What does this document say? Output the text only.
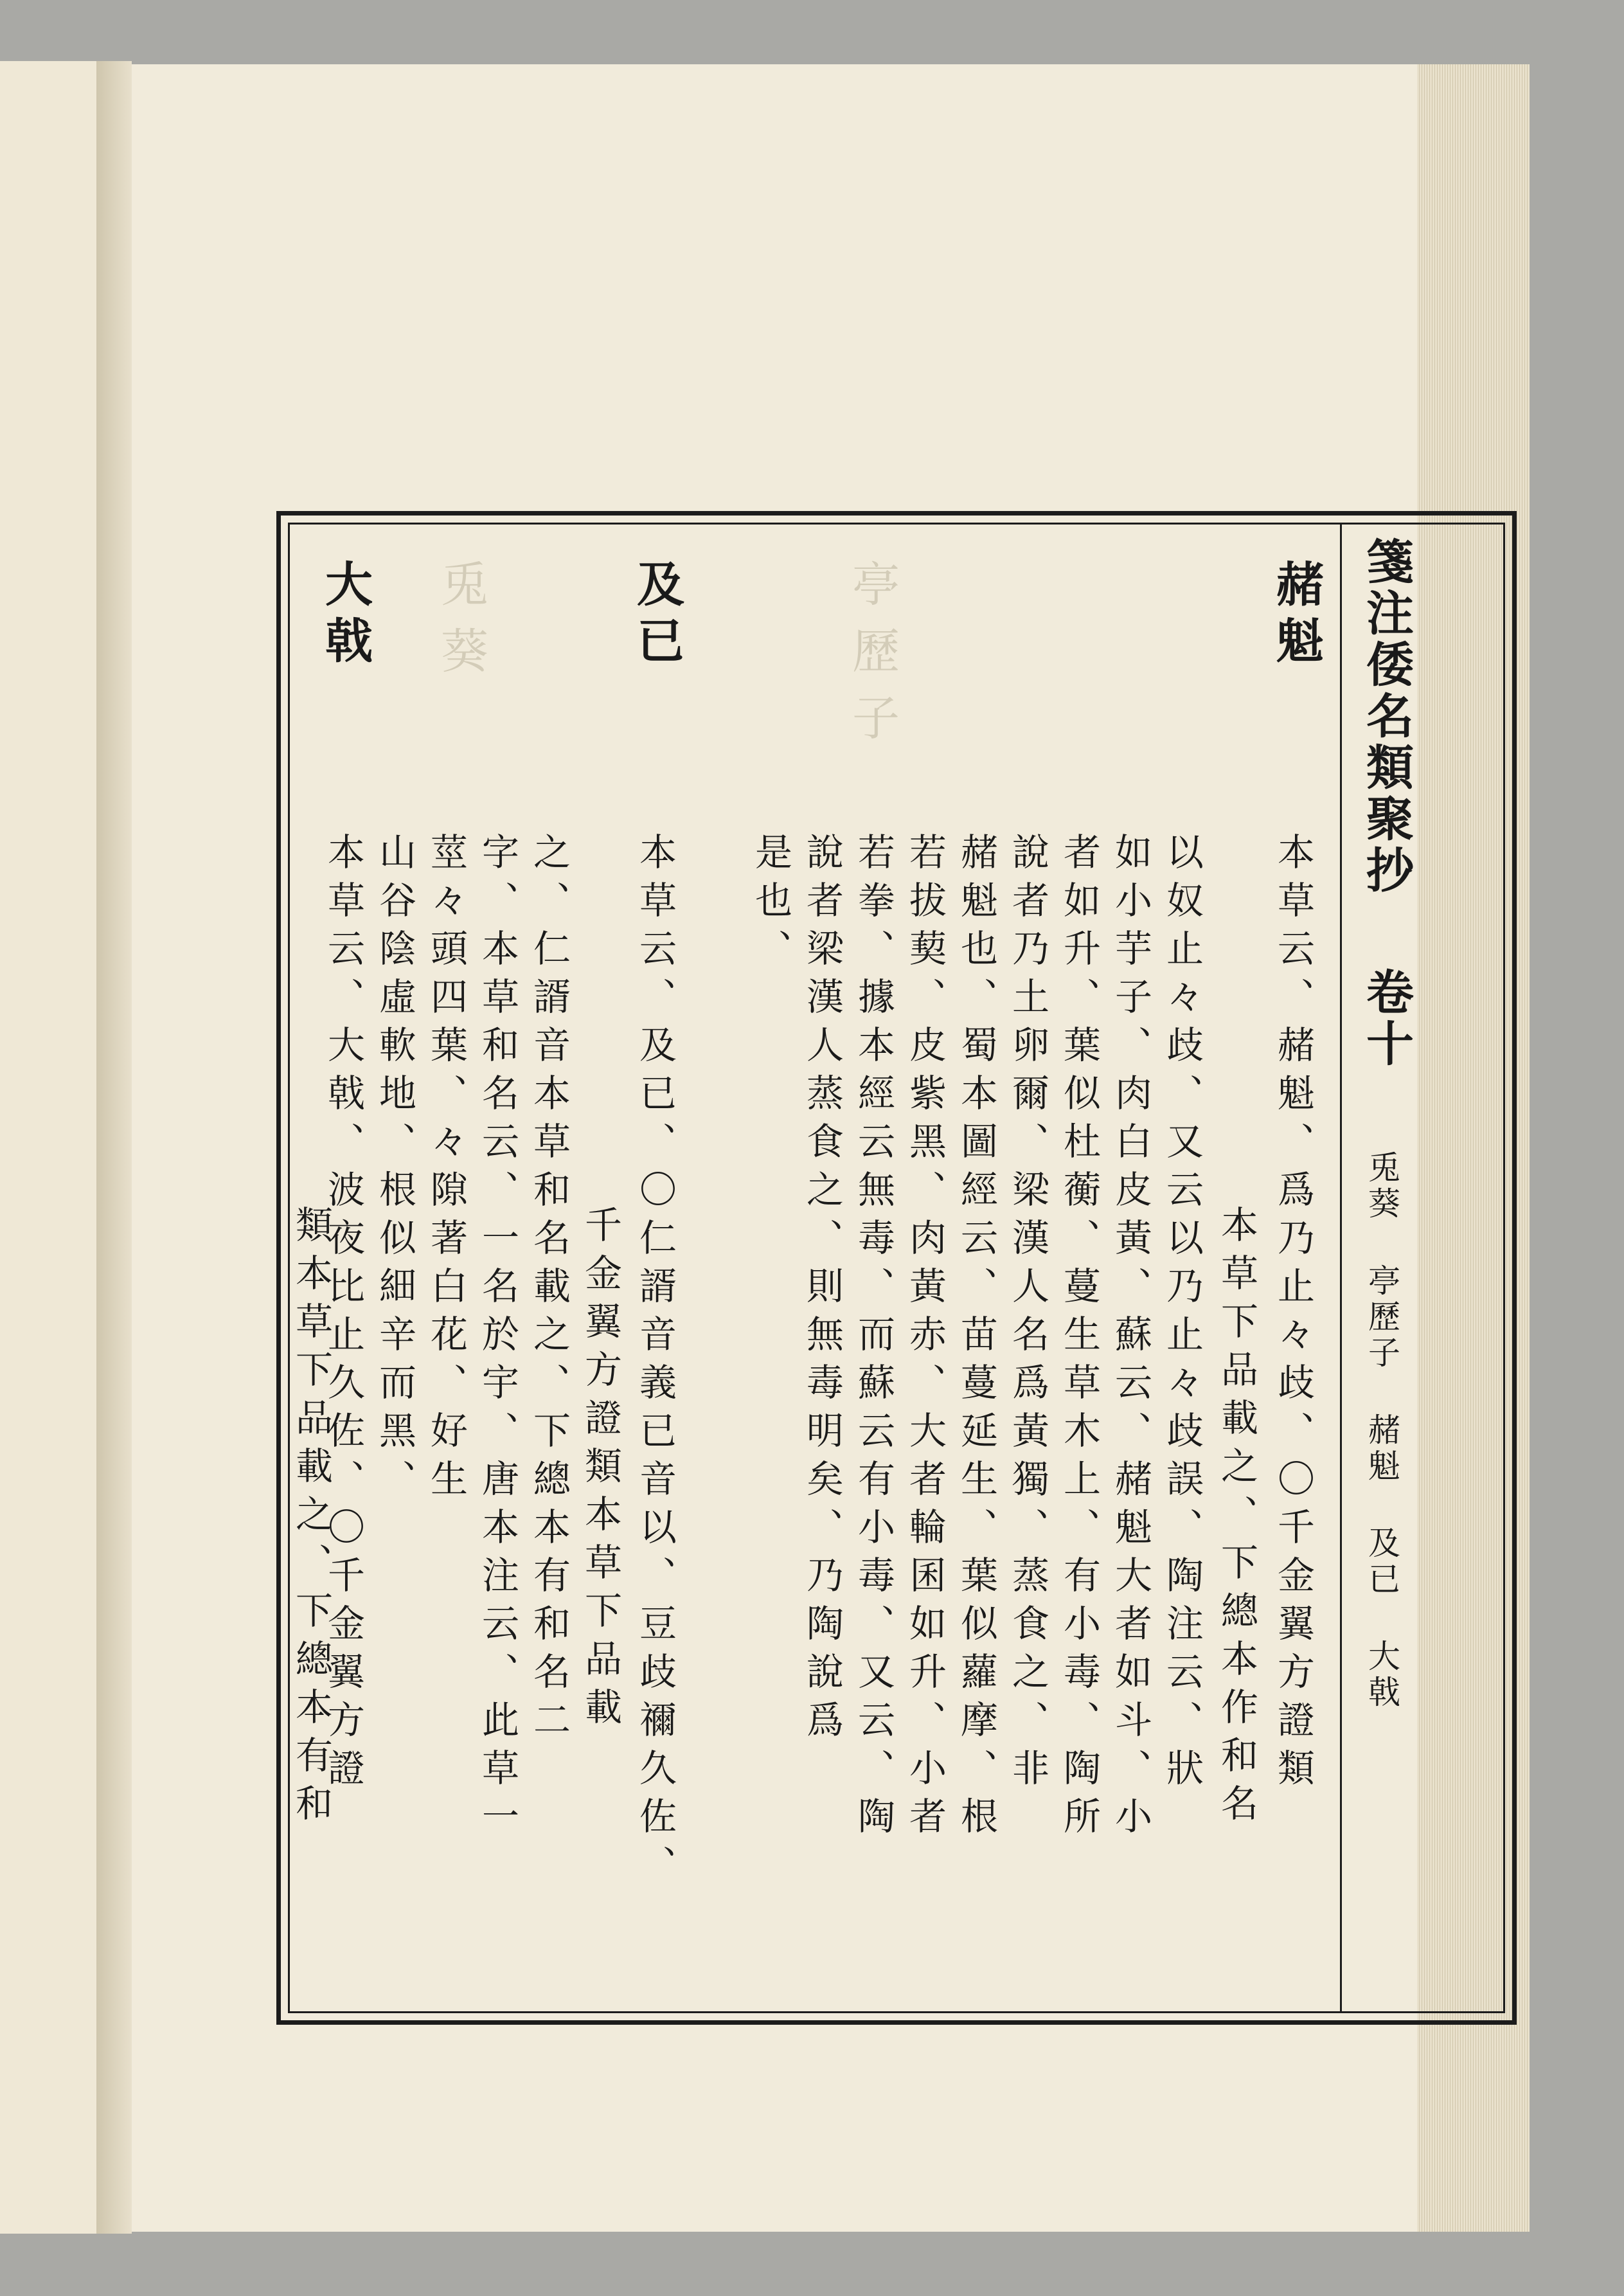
亭歷子
兎葵	箋注倭名類聚抄
卷十
兎葵 亭歷子 赭魁 及已 大戟
赭魁
本草云、赭魁、爲乃止々歧、〇千金翼方證類
本草下品載之、下總本作和名
以奴止々歧、又云以乃止々歧誤、陶注云、狀
如小芋子、肉白皮黃、蘇云、赭魁大者如斗、小
者如升、葉似杜蘅、蔓生草木上、有小毒、陶所
說者乃土卵爾、梁漢人名爲黃獨、蒸食之、非
赭魁也、蜀本圖經云、苗蔓延生、葉似蘿摩、根
若拔葜、皮紫黑、肉黃赤、大者輪囷如升、小者
若拳、據本經云無毒、而蘇云有小毒、又云、陶
說者梁漢人蒸食之、則無毒明矣、乃陶說爲
是也、
及已
本草云、及已、〇仁諝音義已音以、豆歧禰久佐、
千金翼方證類本草下品載
之、仁諝音本草和名載之、下總本有和名二
字、本草和名云、一名於宇、唐本注云、此草一
莖々頭四葉、々隙著白花、好生
山谷陰虛軟地、根似細辛而黑、
大戟
本草云、大戟、波夜比止久佐、〇千金翼方證
類本草下品載之、下總本有和
